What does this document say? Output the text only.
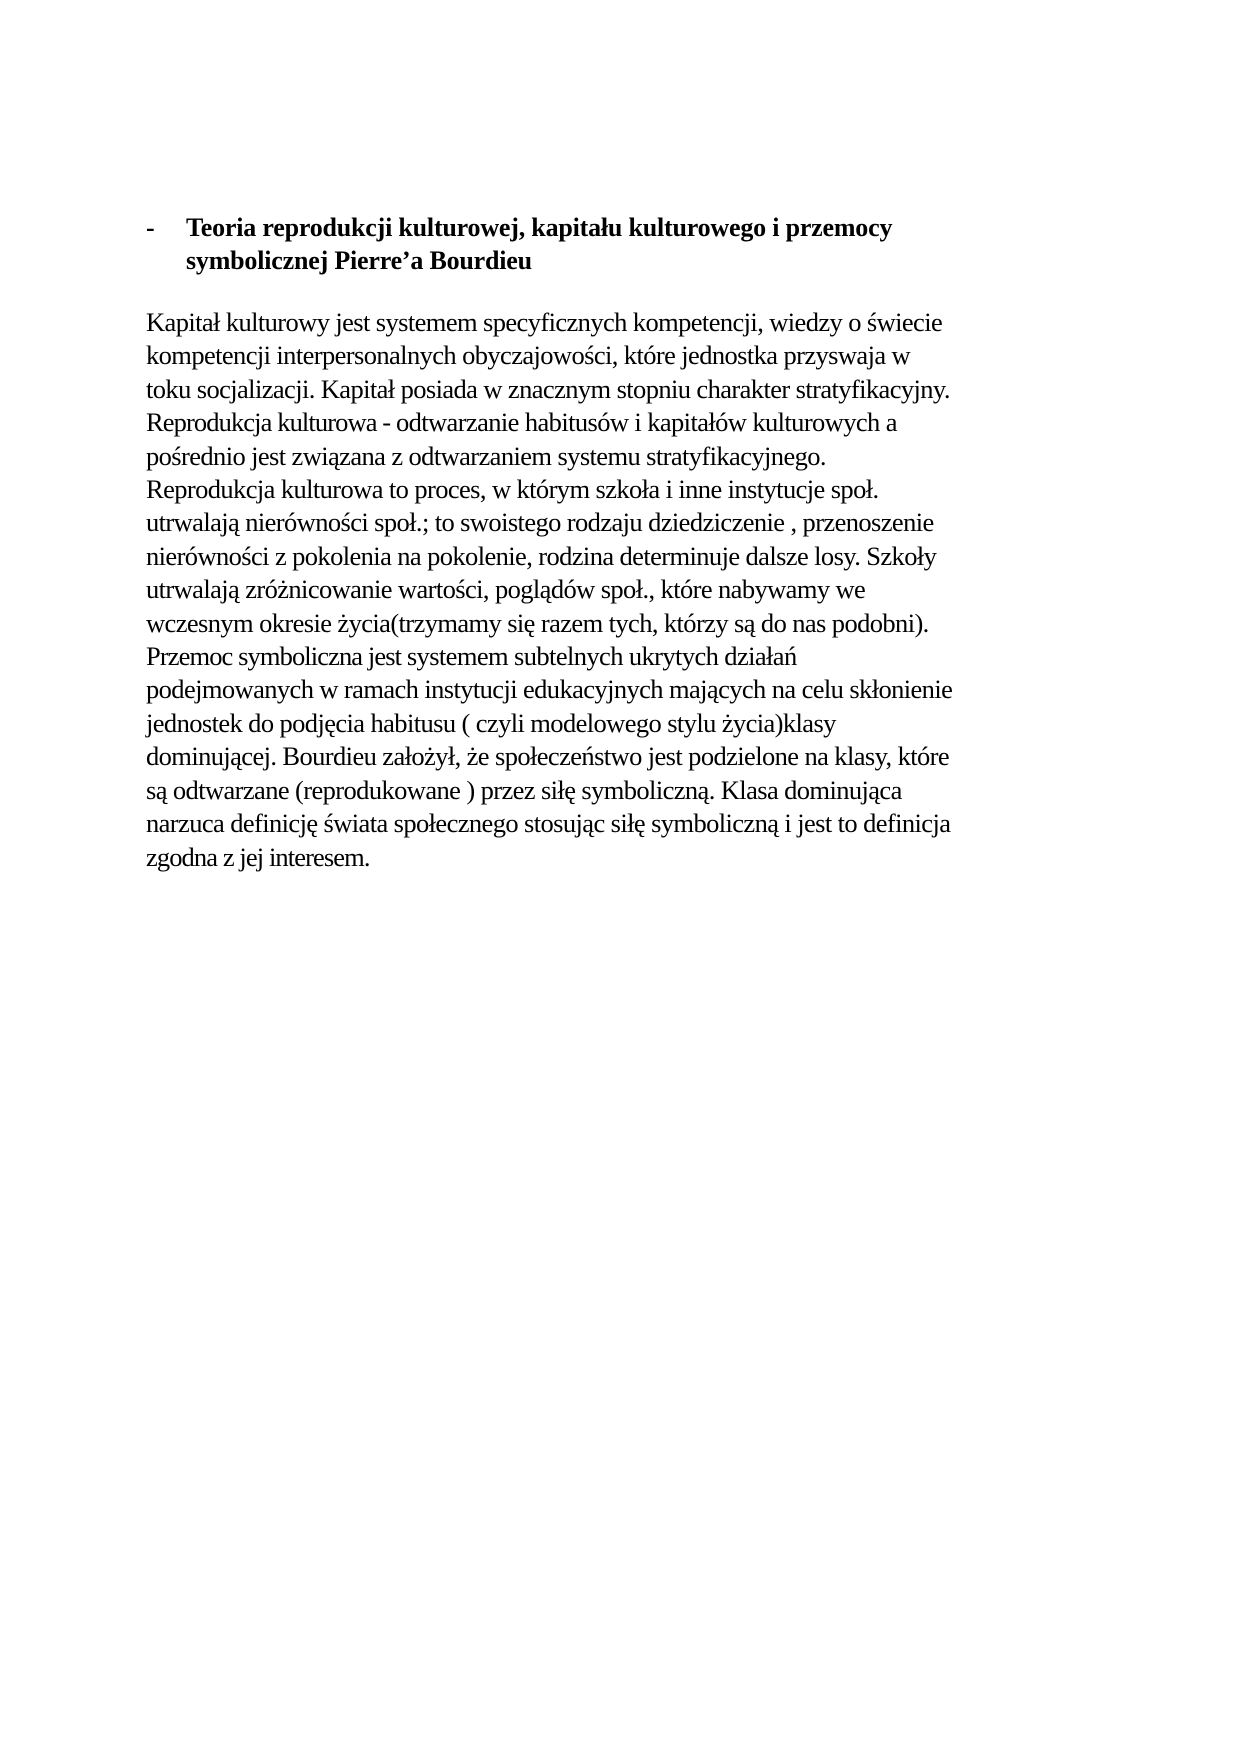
-	Teoria reprodukcji kulturowej, kapitału kulturowego i przemocy
symbolicznej Pierre’a Bourdieu
Kapitał kulturowy jest systemem specyficznych kompetencji, wiedzy o świecie
kompetencji interpersonalnych obyczajowości, które jednostka przyswaja w
toku socjalizacji. Kapitał posiada w znacznym stopniu charakter stratyfikacyjny.
Reprodukcja kulturowa - odtwarzanie habitusów i kapitałów kulturowych a
pośrednio jest związana z odtwarzaniem systemu stratyfikacyjnego.
Reprodukcja kulturowa to proces, w którym szkoła i inne instytucje społ.
utrwalają nierówności społ.; to swoistego rodzaju dziedziczenie , przenoszenie
nierówności z pokolenia na pokolenie, rodzina determinuje dalsze losy. Szkoły
utrwalają zróżnicowanie wartości, poglądów społ., które nabywamy we
wczesnym okresie życia(trzymamy się razem tych, którzy są do nas podobni).
Przemoc symboliczna jest systemem subtelnych ukrytych działań
podejmowanych w ramach instytucji edukacyjnych mających na celu skłonienie
jednostek do podjęcia habitusu ( czyli modelowego stylu życia)klasy
dominującej. Bourdieu założył, że społeczeństwo jest podzielone na klasy, które
są odtwarzane (reprodukowane ) przez siłę symboliczną. Klasa dominująca
narzuca definicję świata społecznego stosując siłę symboliczną i jest to definicja
zgodna z jej interesem.
